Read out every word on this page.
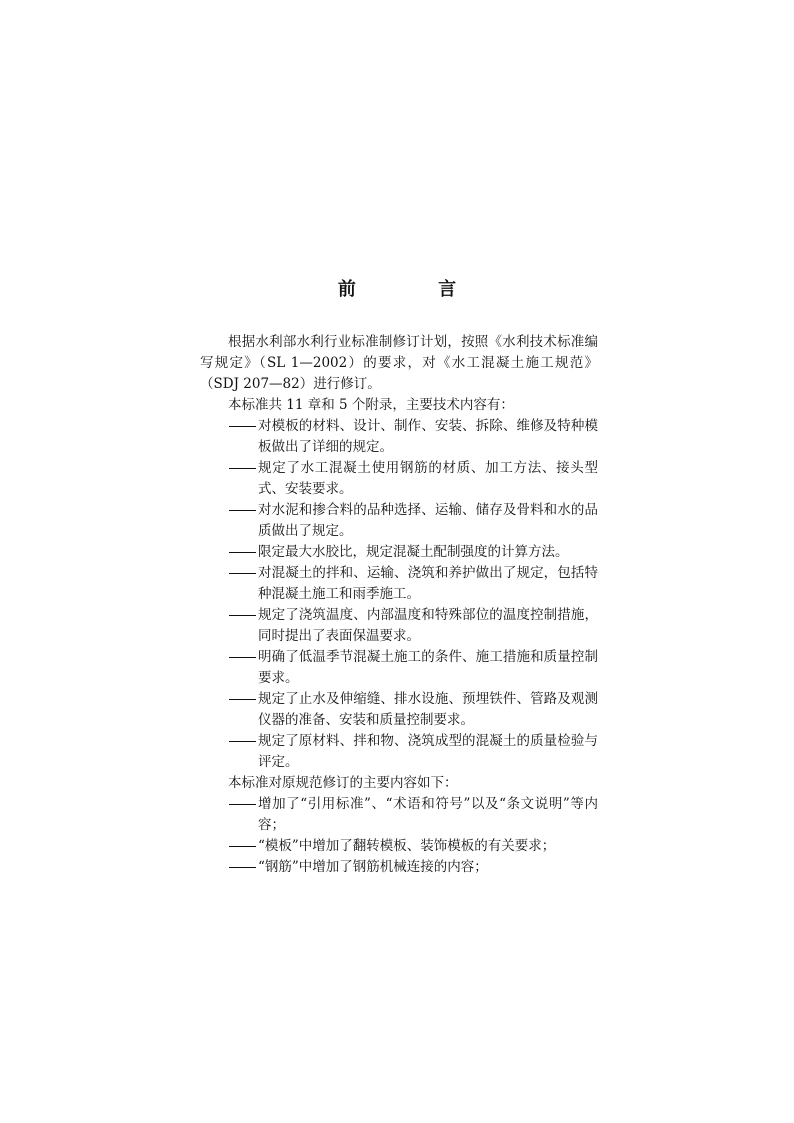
前 言

根据水利部水利行业标准制修订计划，按照《水利技术标准编写规定》（SL 1—2002）的要求，对《水工混凝土施工规范》（SDJ 207—82）进行修订。

本标准共 11 章和 5 个附录，主要技术内容有：

对模板的材料、设计、制作、安装、拆除、维修及特种模板做出了详细的规定。

规定了水工混凝土使用钢筋的材质、加工方法、接头型式、安装要求。

对水泥和掺合料的品种选择、运输、储存及骨料和水的品质做出了规定。

限定最大水胶比，规定混凝土配制强度的计算方法。

对混凝土的拌和、运输、浇筑和养护做出了规定，包括特种混凝土施工和雨季施工。

规定了浇筑温度、内部温度和特殊部位的温度控制措施，同时提出了表面保温要求。

明确了低温季节混凝土施工的条件、施工措施和质量控制要求。

规定了止水及伸缩缝、排水设施、预埋铁件、管路及观测仪器的准备、安装和质量控制要求。

规定了原材料、拌和物、浇筑成型的混凝土的质量检验与评定。

本标准对原规范修订的主要内容如下：

增加了“引用标准”、“术语和符号”以及“条文说明”等内容；

“模板”中增加了翻转模板、装饰模板的有关要求；

“钢筋”中增加了钢筋机械连接的内容；
